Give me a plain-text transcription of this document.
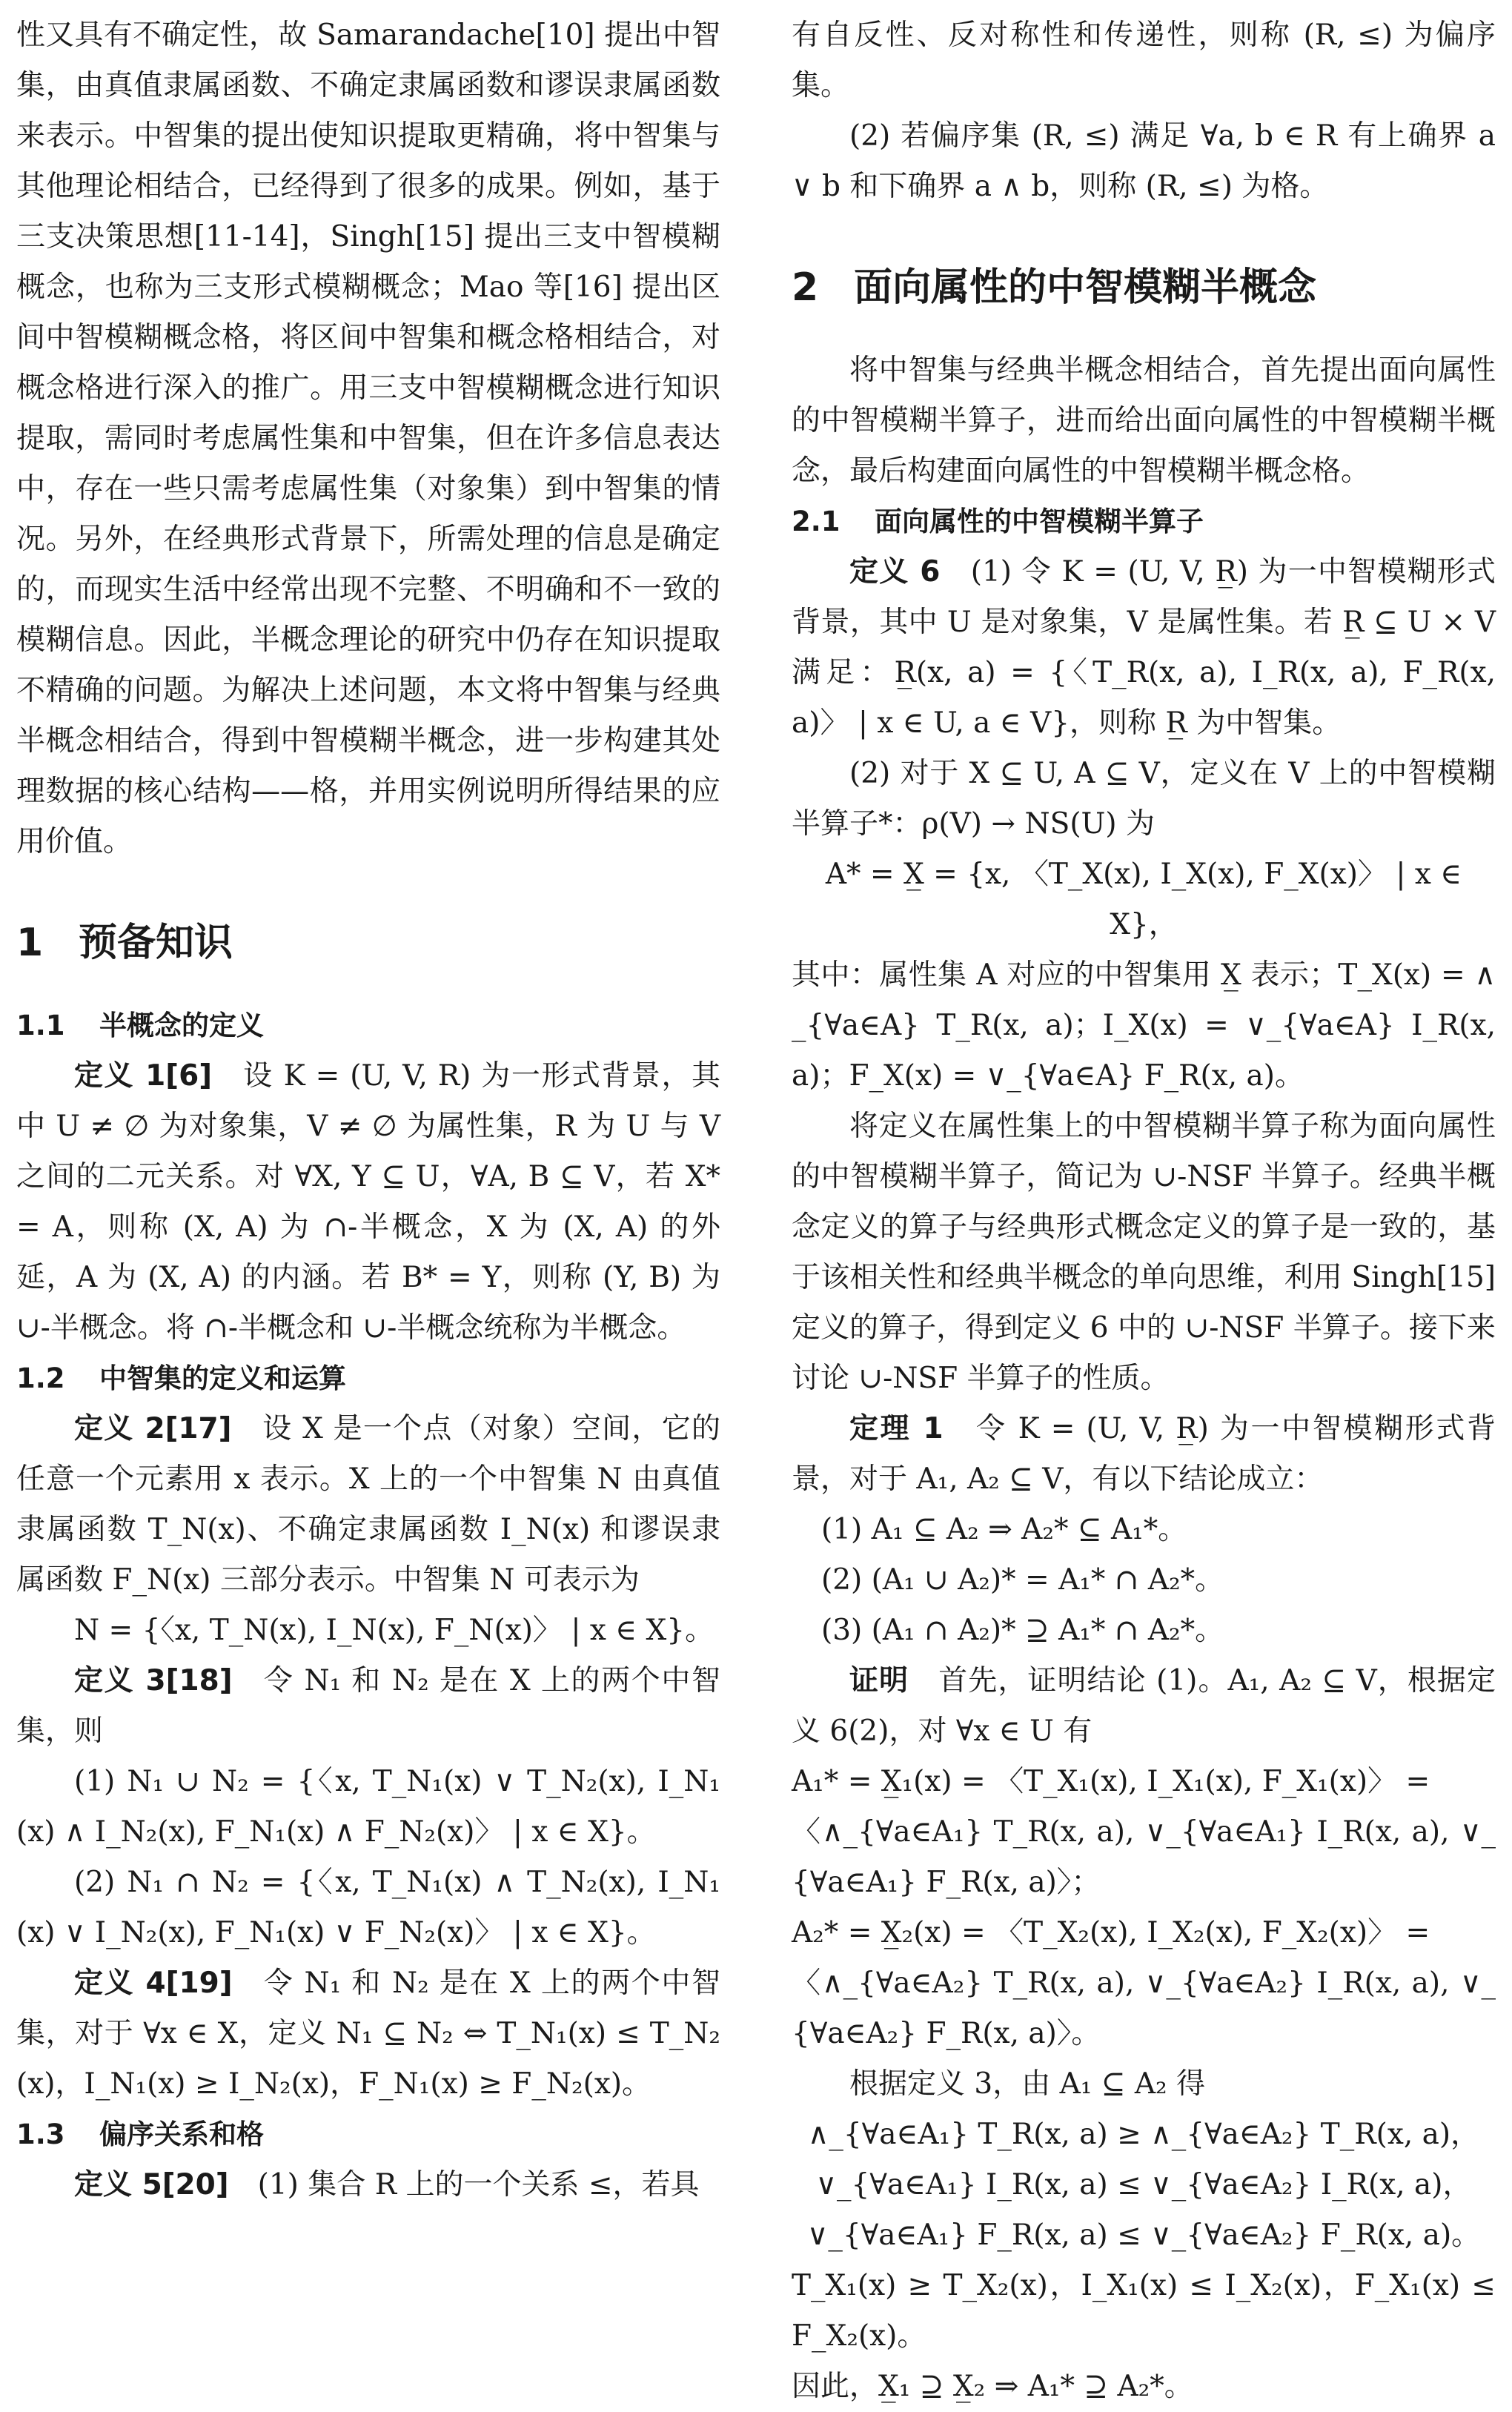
性又具有不确定性，故 Samarandache[10] 提出中智集，由真值隶属函数、不确定隶属函数和谬误隶属函数来表示。中智集的提出使知识提取更精确，将中智集与其他理论相结合，已经得到了很多的成果。例如，基于三支决策思想[11-14]，Singh[15] 提出三支中智模糊概念，也称为三支形式模糊概念；Mao 等[16] 提出区间中智模糊概念格，将区间中智集和概念格相结合，对概念格进行深入的推广。用三支中智模糊概念进行知识提取，需同时考虑属性集和中智集，但在许多信息表达中，存在一些只需考虑属性集（对象集）到中智集的情况。另外，在经典形式背景下，所需处理的信息是确定的，而现实生活中经常出现不完整、不明确和不一致的模糊信息。因此，半概念理论的研究中仍存在知识提取不精确的问题。为解决上述问题，本文将中智集与经典半概念相结合，得到中智模糊半概念，进一步构建其处理数据的核心结构——格，并用实例说明所得结果的应用价值。

1 预备知识
1.1 半概念的定义

定义 1[6]　 设 K = (U, V, R) 为一形式背景，其中 U ≠ ∅ 为对象集，V ≠ ∅ 为属性集，R 为 U 与 V 之间的二元关系。对 ∀X, Y ⊆ U，∀A, B ⊆ V，若 X* = A，则称 (X, A) 为 ∩-半概念，X 为 (X, A) 的外延，A 为 (X, A) 的内涵。若 B* = Y，则称 (Y, B) 为 ∪-半概念。将 ∩-半概念和 ∪-半概念统称为半概念。

1.2 中智集的定义和运算

定义 2[17]　 设 X 是一个点（对象）空间，它的任意一个元素用 x 表示。X 上的一个中智集 N 由真值隶属函数 T_N(x)、不确定隶属函数 I_N(x) 和谬误隶属函数 F_N(x) 三部分表示。中智集 N 可表示为

N = {〈x, T_N(x), I_N(x), F_N(x)〉 | x ∈ X}。

定义 3[18]　 令 N₁ 和 N₂ 是在 X 上的两个中智集，则

(1) N₁ ∪ N₂ = {〈x, T_N₁(x) ∨ T_N₂(x), I_N₁(x) ∧ I_N₂(x), F_N₁(x) ∧ F_N₂(x)〉 | x ∈ X}。

(2) N₁ ∩ N₂ = {〈x, T_N₁(x) ∧ T_N₂(x), I_N₁(x) ∨ I_N₂(x), F_N₁(x) ∨ F_N₂(x)〉 | x ∈ X}。

定义 4[19]　 令 N₁ 和 N₂ 是在 X 上的两个中智集，对于 ∀x ∈ X，定义 N₁ ⊆ N₂ ⇔ T_N₁(x) ≤ T_N₂(x)，I_N₁(x) ≥ I_N₂(x)，F_N₁(x) ≥ F_N₂(x)。

1.3 偏序关系和格

定义 5[20]　 (1) 集合 R 上的一个关系 ≤，若具

有自反性、反对称性和传递性，则称 (R, ≤) 为偏序集。

(2) 若偏序集 (R, ≤) 满足 ∀a, b ∈ R 有上确界 a ∨ b 和下确界 a ∧ b，则称 (R, ≤) 为格。

2 面向属性的中智模糊半概念

将中智集与经典半概念相结合，首先提出面向属性的中智模糊半算子，进而给出面向属性的中智模糊半概念，最后构建面向属性的中智模糊半概念格。

2.1 面向属性的中智模糊半算子

定义 6　 (1) 令 K = (U, V, R̲) 为一中智模糊形式背景，其中 U 是对象集，V 是属性集。若 R̲ ⊆ U × V 满足：R̲(x, a) = {〈T_R(x, a), I_R(x, a), F_R(x, a)〉 | x ∈ U, a ∈ V}，则称 R̲ 为中智集。

(2) 对于 X ⊆ U, A ⊆ V，定义在 V 上的中智模糊半算子*：ρ(V) → NS(U) 为

A* = X̲ = {x, 〈T_X(x), I_X(x), F_X(x)〉 | x ∈ X}，

其中：属性集 A 对应的中智集用 X̲ 表示；T_X(x) = ∧_{∀a∈A} T_R(x, a)；I_X(x) = ∨_{∀a∈A} I_R(x, a)；F_X(x) = ∨_{∀a∈A} F_R(x, a)。

将定义在属性集上的中智模糊半算子称为面向属性的中智模糊半算子，简记为 ∪-NSF 半算子。经典半概念定义的算子与经典形式概念定义的算子是一致的，基于该相关性和经典半概念的单向思维，利用 Singh[15] 定义的算子，得到定义 6 中的 ∪-NSF 半算子。接下来讨论 ∪-NSF 半算子的性质。

定理 1　 令 K = (U, V, R̲) 为一中智模糊形式背景，对于 A₁, A₂ ⊆ V，有以下结论成立：

(1) A₁ ⊆ A₂ ⇒ A₂* ⊆ A₁*。

(2) (A₁ ∪ A₂)* = A₁* ∩ A₂*。

(3) (A₁ ∩ A₂)* ⊇ A₁* ∩ A₂*。

证明　 首先，证明结论 (1)。A₁, A₂ ⊆ V，根据定义 6(2)，对 ∀x ∈ U 有

A₁* = X̲₁(x) = 〈T_X₁(x), I_X₁(x), F_X₁(x)〉 =

〈∧_{∀a∈A₁} T_R(x, a), ∨_{∀a∈A₁} I_R(x, a), ∨_{∀a∈A₁} F_R(x, a)〉；

A₂* = X̲₂(x) = 〈T_X₂(x), I_X₂(x), F_X₂(x)〉 =

〈∧_{∀a∈A₂} T_R(x, a), ∨_{∀a∈A₂} I_R(x, a), ∨_{∀a∈A₂} F_R(x, a)〉。

根据定义 3，由 A₁ ⊆ A₂ 得

∧_{∀a∈A₁} T_R(x, a) ≥ ∧_{∀a∈A₂} T_R(x, a)，

∨_{∀a∈A₁} I_R(x, a) ≤ ∨_{∀a∈A₂} I_R(x, a)，

∨_{∀a∈A₁} F_R(x, a) ≤ ∨_{∀a∈A₂} F_R(x, a)。

T_X₁(x) ≥ T_X₂(x)，I_X₁(x) ≤ I_X₂(x)，F_X₁(x) ≤ F_X₂(x)。

因此，X̲₁ ⊇ X̲₂ ⇒ A₁* ⊇ A₂*。
